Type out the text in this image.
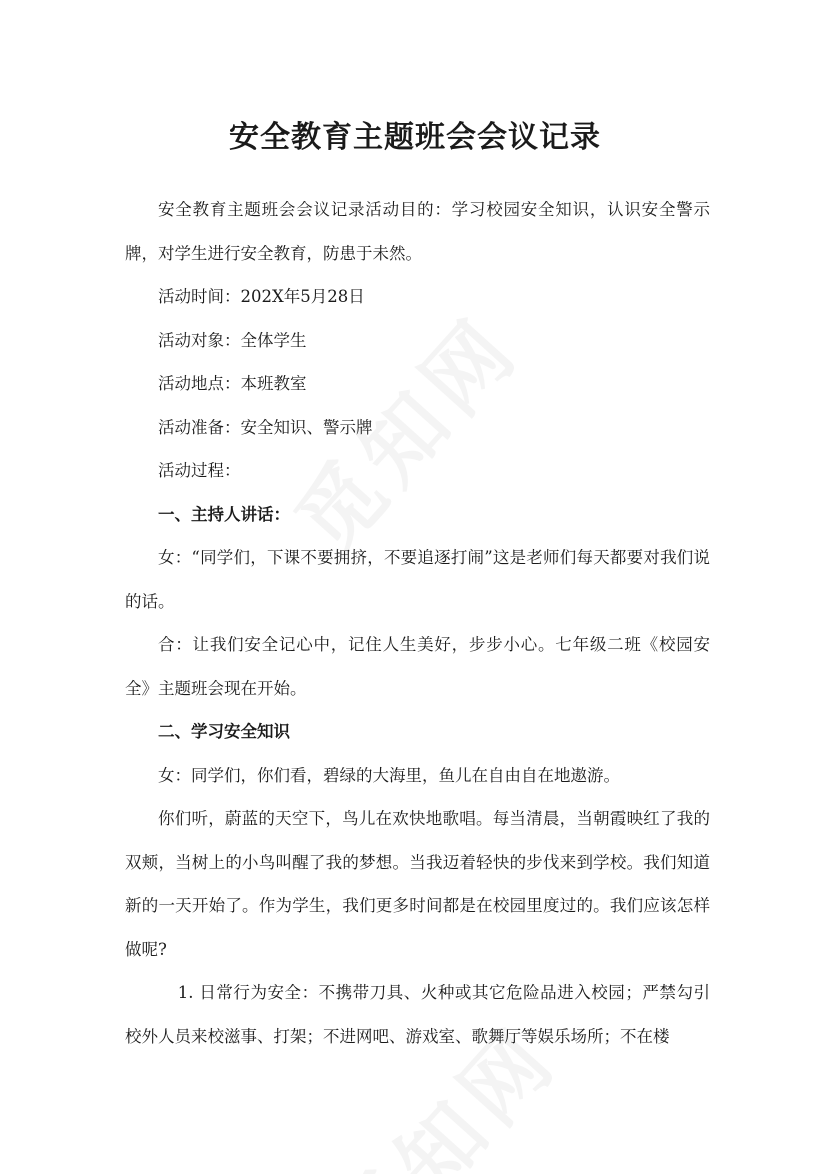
安全教育主题班会会议记录

安全教育主题班会会议记录活动目的：学习校园安全知识，认识安全警示牌，对学生进行安全教育，防患于未然。

活动时间：202X年5月28日

活动对象：全体学生

活动地点：本班教室

活动准备：安全知识、警示牌

活动过程：

一、主持人讲话：

女：“同学们，下课不要拥挤，不要追逐打闹”这是老师们每天都要对我们说的话。

合：让我们安全记心中，记住人生美好，步步小心。七年级二班《校园安全》主题班会现在开始。

二、学习安全知识

女：同学们，你们看，碧绿的大海里，鱼儿在自由自在地遨游。

你们听，蔚蓝的天空下，鸟儿在欢快地歌唱。每当清晨，当朝霞映红了我的双颊，当树上的小鸟叫醒了我的梦想。当我迈着轻快的步伐来到学校。我们知道新的一天开始了。作为学生，我们更多时间都是在校园里度过的。我们应该怎样做呢?

1. 日常行为安全：不携带刀具、火种或其它危险品进入校园；严禁勾引校外人员来校滋事、打架；不进网吧、游戏室、歌舞厅等娱乐场所；不在楼
